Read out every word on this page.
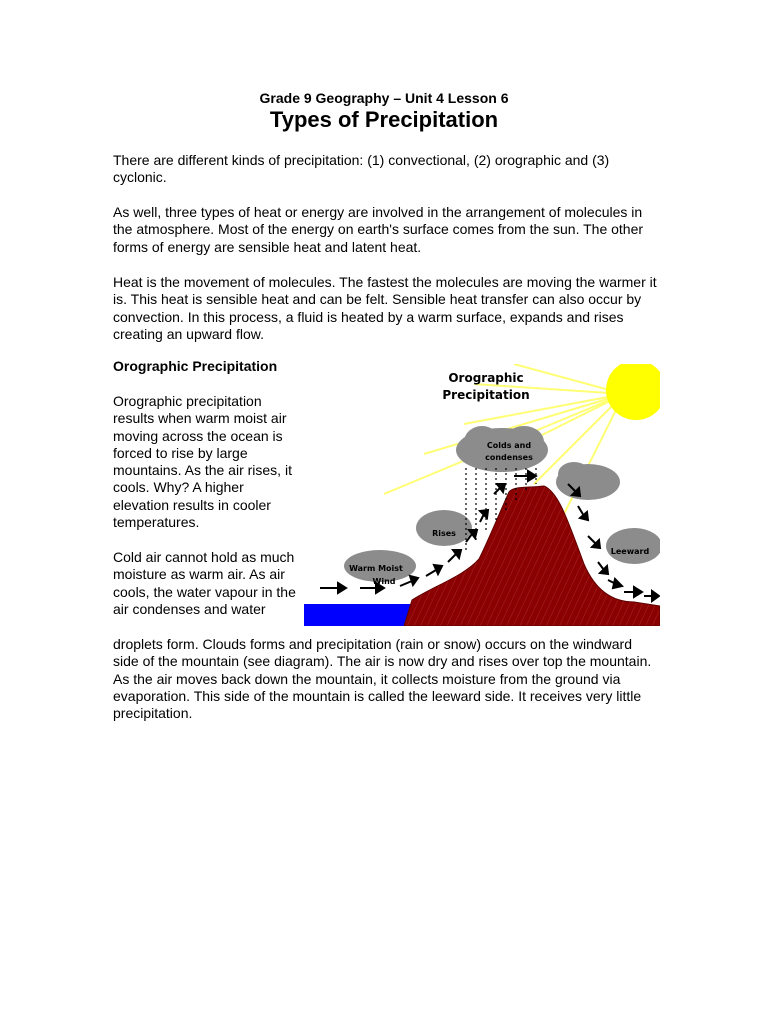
Grade 9 Geography – Unit 4 Lesson 6
Types of Precipitation

There are different kinds of precipitation: (1) convectional, (2) orographic and (3) cyclonic.

As well, three types of heat or energy are involved in the arrangement of molecules in the atmosphere. Most of the energy on earth's surface comes from the sun. The other forms of energy are sensible heat and latent heat.

Heat is the movement of molecules. The fastest the molecules are moving the warmer it is. This heat is sensible heat and can be felt. Sensible heat transfer can also occur by convection. In this process, a fluid is heated by a warm surface, expands and rises creating an upward flow.

Orographic Precipitation

Orographic precipitation results when warm moist air moving across the ocean is forced to rise by large mountains. As the air rises, it cools. Why? A higher elevation results in cooler temperatures.

Cold air cannot hold as much moisture as warm air. As air cools, the water vapour in the air condenses and water

droplets form. Clouds forms and precipitation (rain or snow) occurs on the windward side of the mountain (see diagram). The air is now dry and rises over top the mountain. As the air moves back down the mountain, it collects moisture from the ground via evaporation. This side of the mountain is called the leeward side. It receives very little precipitation.

Orographic
Precipitation
Colds and
condenses
Rises
Warm Moist
Wind
Leeward
